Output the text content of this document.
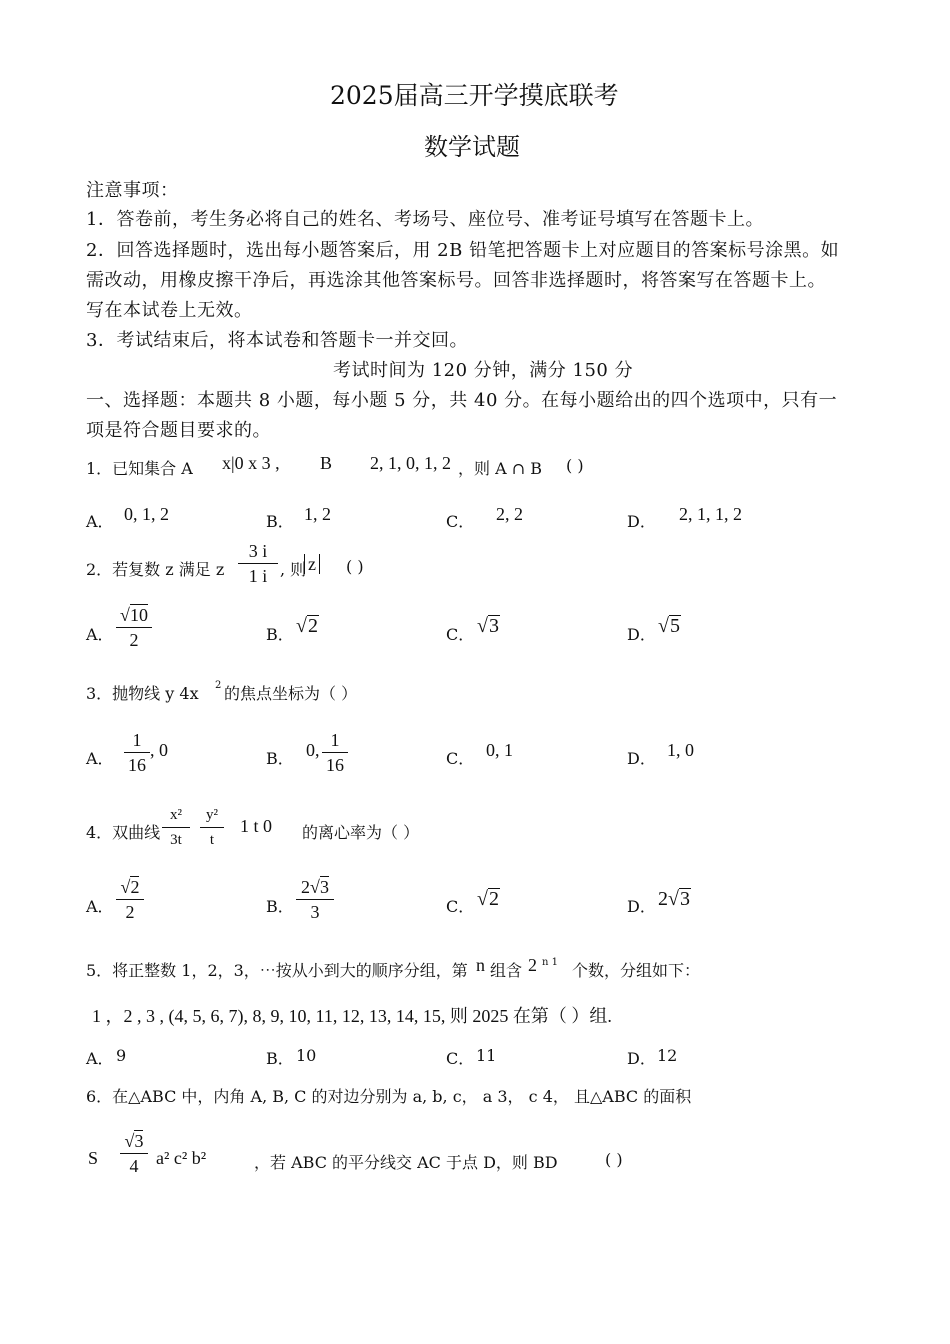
2025届高三开学摸底联考
数学试题
注意事项：
1．答卷前，考生务必将自己的姓名、考场号、座位号、准考证号填写在答题卡上。
2．回答选择题时，选出每小题答案后，用 2B 铅笔把答题卡上对应题目的答案标号涂黑。如
需改动，用橡皮擦干净后，再选涂其他答案标号。回答非选择题时，将答案写在答题卡上。
写在本试卷上无效。
3．考试结束后，将本试卷和答题卡一并交回。
考试时间为 120 分钟，满分 150 分
一、选择题：本题共 8 小题，每小题 5 分，共 40 分。在每小题给出的四个选项中，只有一
项是符合题目要求的。
1．已知集合 A x|0 x 3 , B 2, 1, 0, 1, 2 ，则 A ∩ B ( )
A． 0, 1, 2	B． 1, 2	C． 2, 2	D． 2, 1, 1, 2
2．若复数 z 满足 z
3 i
1 i , 则 z ( )
A．
√10
2	B． √2	C． √3	D． √5
3．抛物线 y 4x 2 的焦点坐标为（ ）
A．
1
16
, 0	B． 0, 1
16	C． 0, 1	D． 1, 0
4．双曲线
x²
3t
y²
t
1 t 0 的离心率为（ ）
A．
√2
2	B．
2√3
3	C． √2	D． 2√3
5．将正整数 1，2，3，⋯按从小到大的顺序分组，第 n 组含 2 n 1 个数，分组如下：
1 ，2 , 3 , (4, 5, 6, 7), 8, 9, 10, 11, 12, 13, 14, 15, 则 2025 在第（ ）组.
A． 9	B． 10	C． 11	D． 12
6．在△ABC 中，内角 A, B, C 的对边分别为 a, b, c， a 3， c 4， 且△ABC 的面积
S
√3
4 a² c² b²	，若 ABC 的平分线交 AC 于点 D，则 BD	( )
